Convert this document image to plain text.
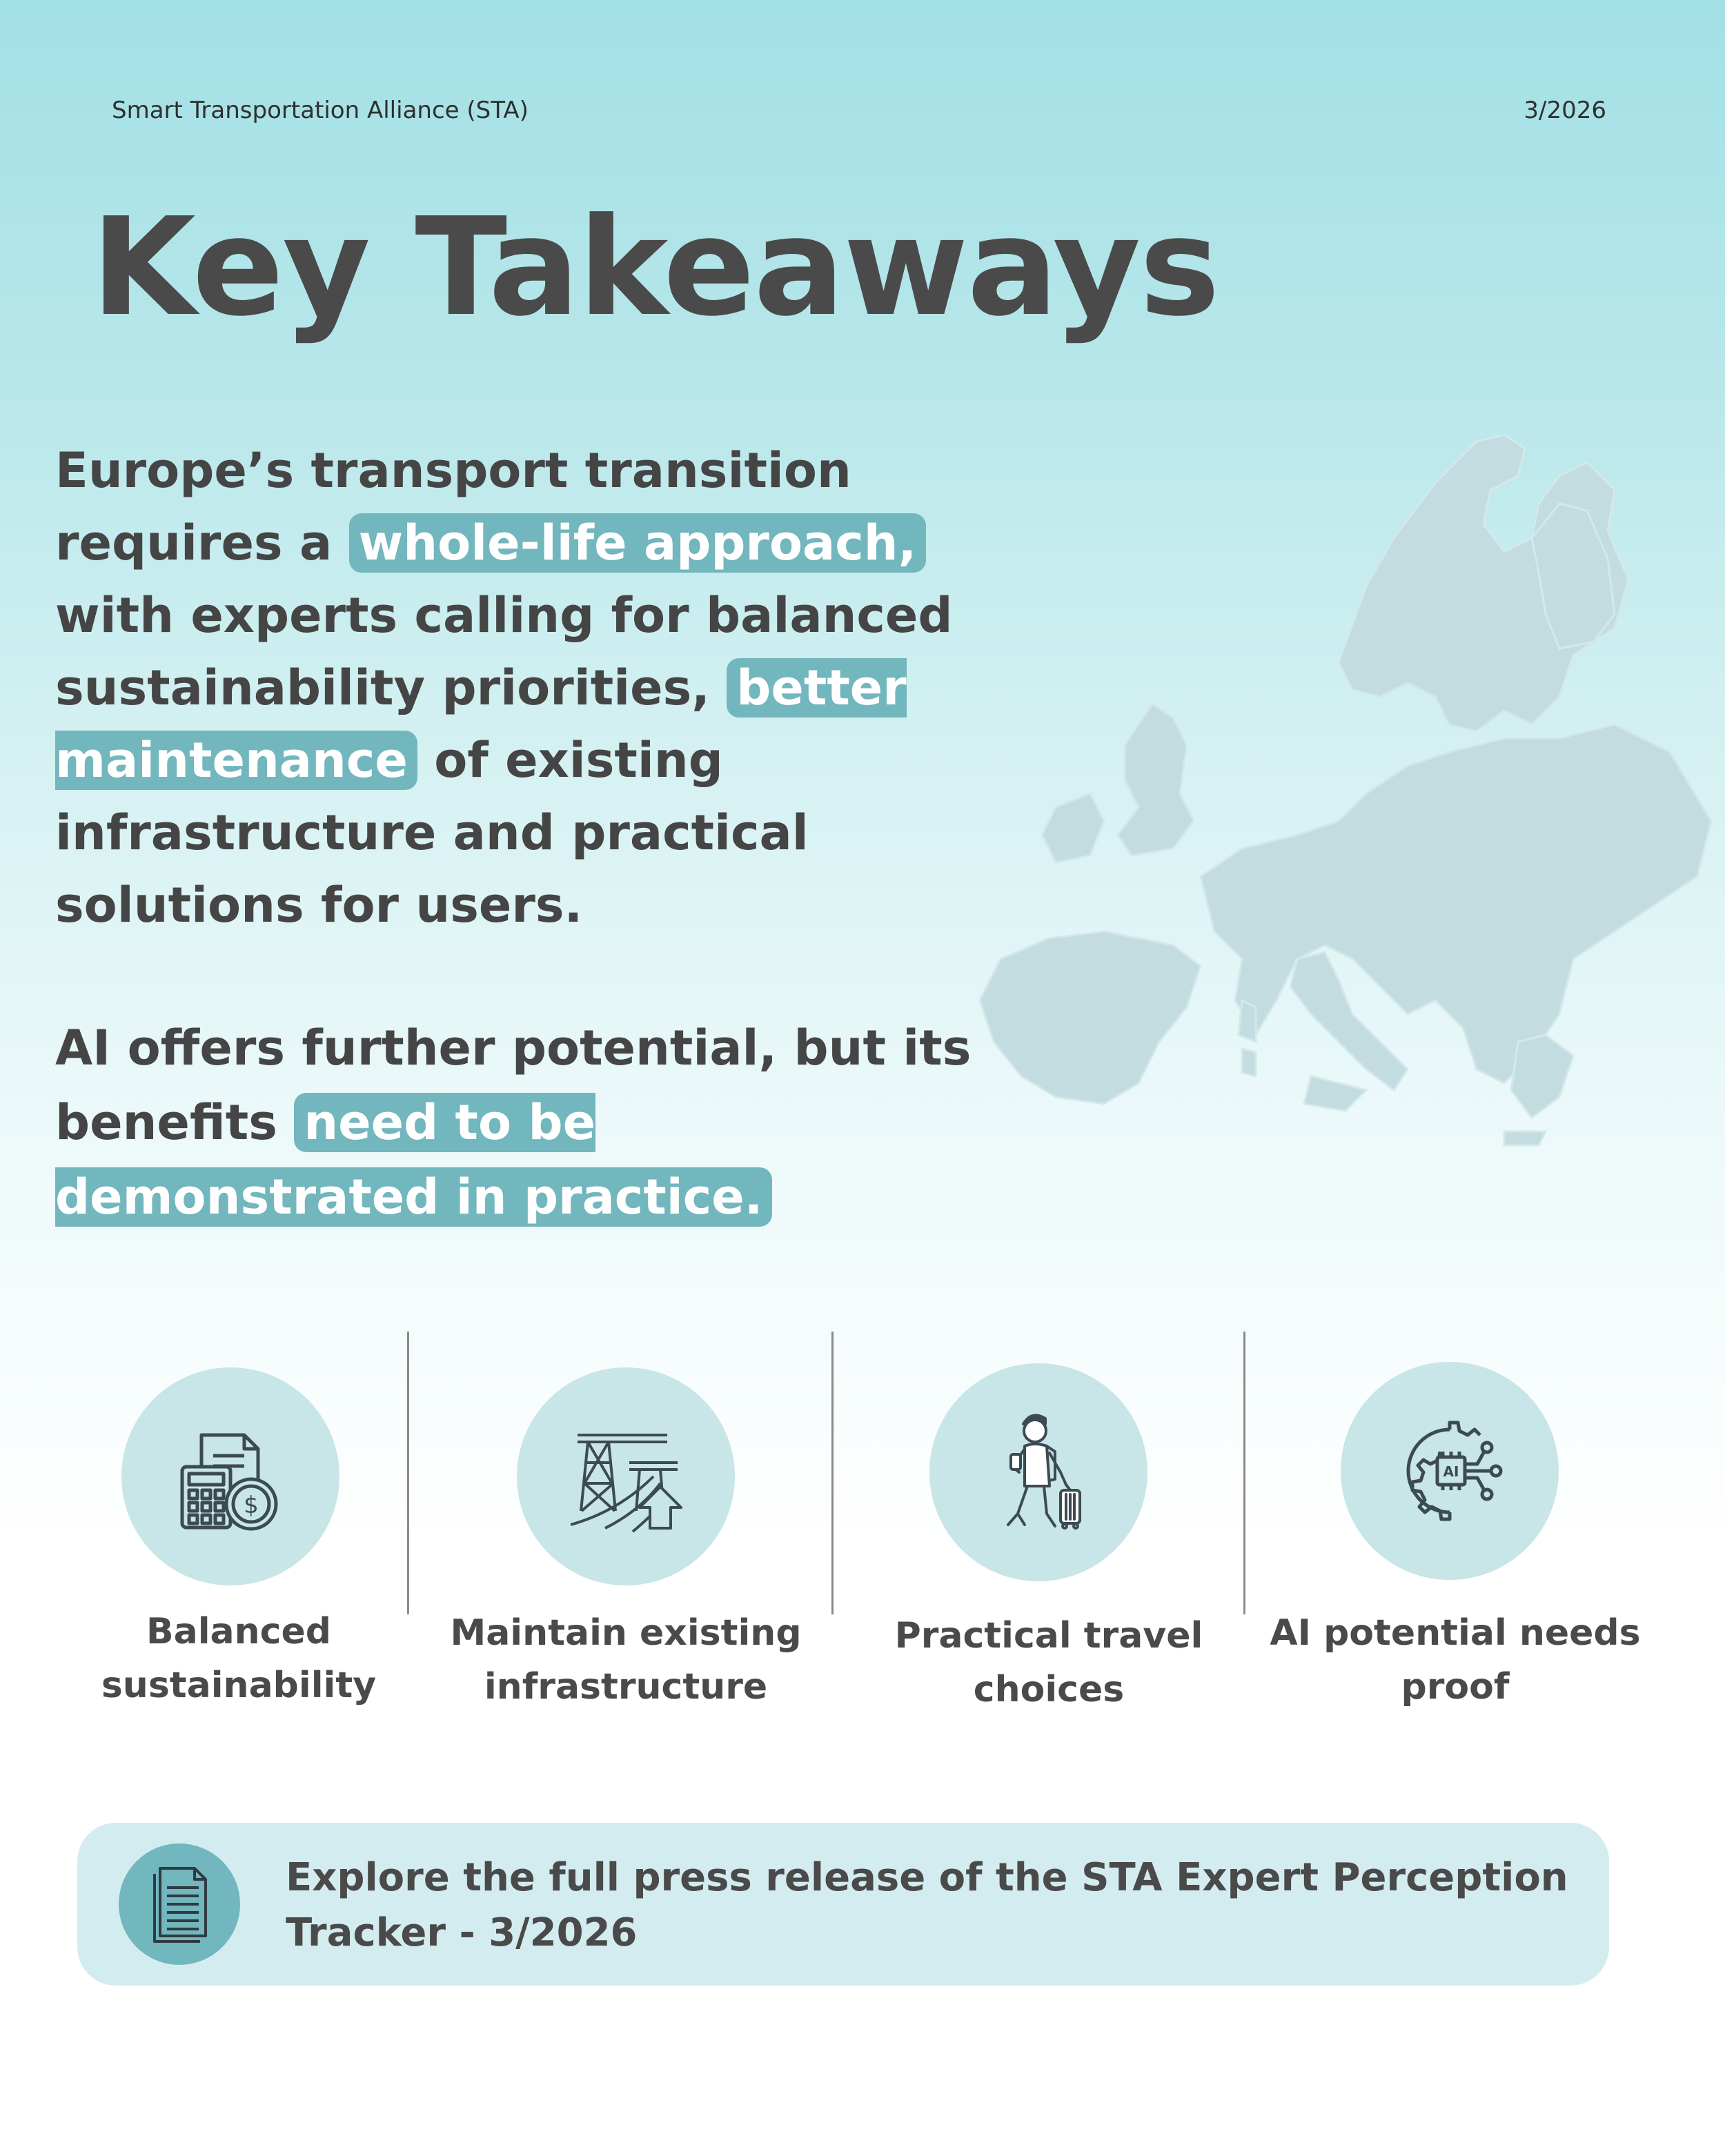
Smart Transportation Alliance (STA)	3/2026
Key Takeaways
Europe’s transport transition requires a whole-life approach, with experts calling for balanced sustainability priorities, better maintenance of existing infrastructure and practical solutions for users.
AI offers further potential, but its benefits need to be demonstrated in practice.
$
Balanced sustainability
Maintain existing infrastructure
Practical travel choices
AI
AI potential needs proof
Explore the full press release of the STA Expert Perception Tracker - 3/2026
